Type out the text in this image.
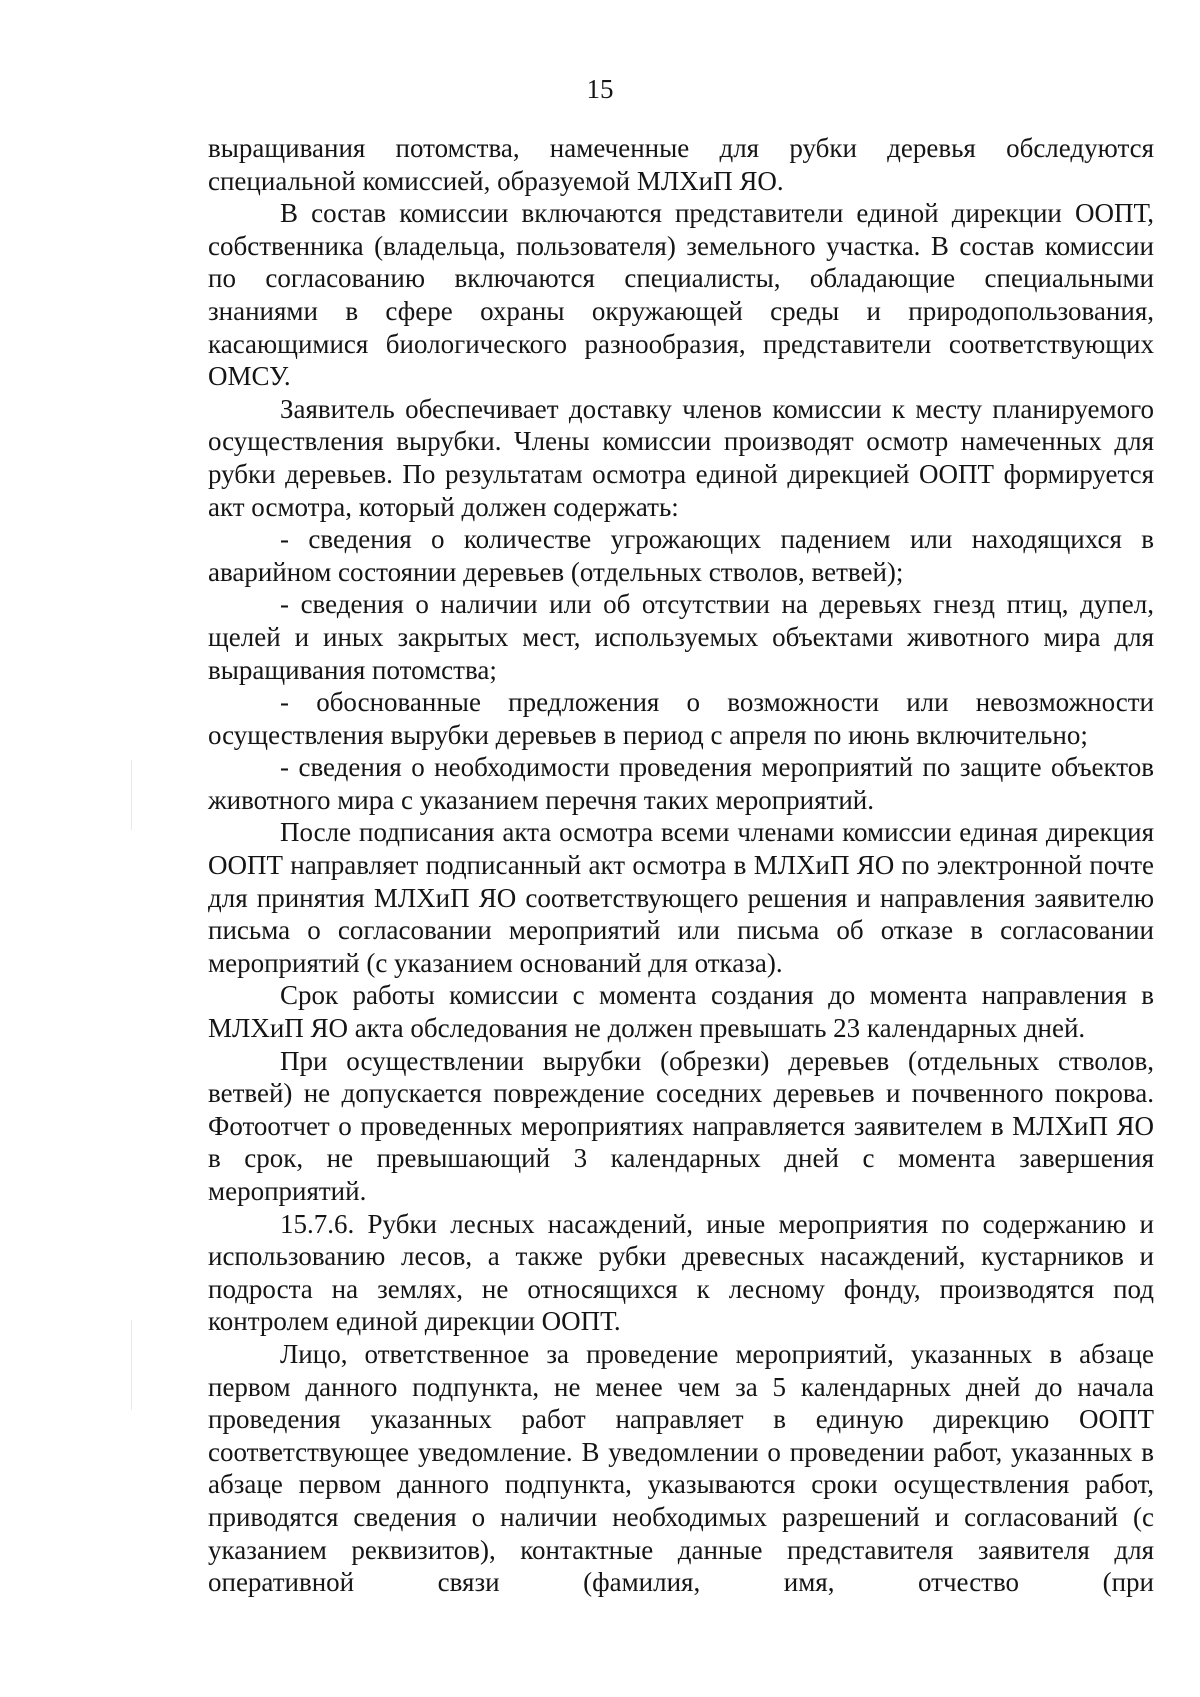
15

выращивания потомства, намеченные для рубки деревья обследуются специальной комиссией, образуемой МЛХиП ЯО.

В состав комиссии включаются представители единой дирекции ООПТ, собственника (владельца, пользователя) земельного участка. В состав комиссии по согласованию включаются специалисты, обладающие специальными знаниями в сфере охраны окружающей среды и природопользования, касающимися биологического разнообразия, представители соответствующих ОМСУ.

Заявитель обеспечивает доставку членов комиссии к месту планируемого осуществления вырубки. Члены комиссии производят осмотр намеченных для рубки деревьев. По результатам осмотра единой дирекцией ООПТ формируется акт осмотра, который должен содержать:

- сведения о количестве угрожающих падением или находящихся в аварийном состоянии деревьев (отдельных стволов, ветвей);

- сведения о наличии или об отсутствии на деревьях гнезд птиц, дупел, щелей и иных закрытых мест, используемых объектами животного мира для выращивания потомства;

- обоснованные предложения о возможности или невозможности осуществления вырубки деревьев в период с апреля по июнь включительно;

- сведения о необходимости проведения мероприятий по защите объектов животного мира с указанием перечня таких мероприятий.

После подписания акта осмотра всеми членами комиссии единая дирекция ООПТ направляет подписанный акт осмотра в МЛХиП ЯО по электронной почте для принятия МЛХиП ЯО соответствующего решения и направления заявителю письма о согласовании мероприятий или письма об отказе в согласовании мероприятий (с указанием оснований для отказа).

Срок работы комиссии с момента создания до момента направления в МЛХиП ЯО акта обследования не должен превышать 23 календарных дней.

При осуществлении вырубки (обрезки) деревьев (отдельных стволов, ветвей) не допускается повреждение соседних деревьев и почвенного покрова. Фотоотчет о проведенных мероприятиях направляется заявителем в МЛХиП ЯО в срок, не превышающий 3 календарных дней с момента завершения мероприятий.

15.7.6. Рубки лесных насаждений, иные мероприятия по содержанию и использованию лесов, а также рубки древесных насаждений, кустарников и подроста на землях, не относящихся к лесному фонду, производятся под контролем единой дирекции ООПТ.

Лицо, ответственное за проведение мероприятий, указанных в абзаце первом данного подпункта, не менее чем за 5 календарных дней до начала проведения указанных работ направляет в единую дирекцию ООПТ соответствующее уведомление. В уведомлении о проведении работ, указанных в абзаце первом данного подпункта, указываются сроки осуществления работ, приводятся сведения о наличии необходимых разрешений и согласований (с указанием реквизитов), контактные данные представителя заявителя для оперативной связи (фамилия, имя, отчество (при
